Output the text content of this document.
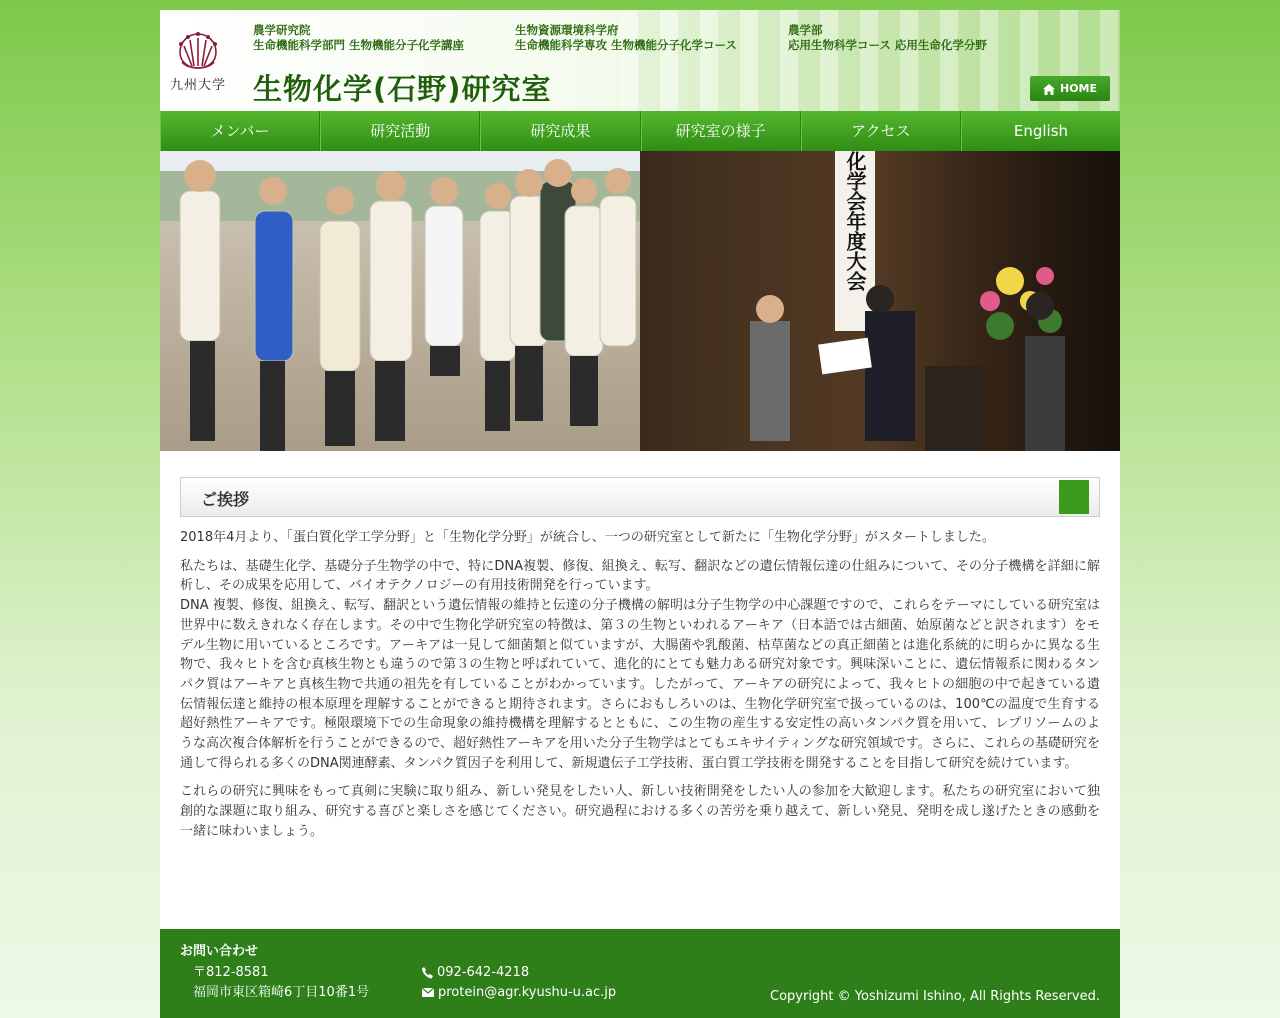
九州大学
農学研究院
生命機能科学部門 生物機能分子化学講座
生物資源環境科学府
生命機能科学専攻 生物機能分子化学コース
農学部
応用生物科学コース 応用生命化学分野
生物化学(石野)研究室	HOME
メンバー	研究活動	研究成果	研究室の様子	アクセス	English
化学会
年度大会
ご挨拶

2018年4月より、「蛋白質化学工学分野」と「生物化学分野」が統合し、一つの研究室として新たに「生物化学分野」がスタートしました。

私たちは、基礎生化学、基礎分子生物学の中で、特にDNA複製、修復、組換え、転写、翻訳などの遺伝情報伝達の仕組みについて、その分子機構を詳細に解析し、その成果を応用して、バイオテクノロジーの有用技術開発を行っています。

DNA 複製、修復、組換え、転写、翻訳という遺伝情報の維持と伝達の分子機構の解明は分子生物学の中心課題ですので、これらをテーマにしている研究室は世界中に数えきれなく存在します。その中で生物化学研究室の特徴は、第３の生物といわれるアーキア（日本語では古細菌、始原菌などと訳されます）をモデル生物に用いているところです。アーキアは一見して細菌類と似ていますが、大腸菌や乳酸菌、枯草菌などの真正細菌とは進化系統的に明らかに異なる生物で、我々ヒトを含む真核生物とも違うので第３の生物と呼ばれていて、進化的にとても魅力ある研究対象です。興味深いことに、遺伝情報系に関わるタンパク質はアーキアと真核生物で共通の祖先を有していることがわかっています。したがって、アーキアの研究によって、我々ヒトの細胞の中で起きている遺伝情報伝達と維持の根本原理を理解することができると期待されます。さらにおもしろいのは、生物化学研究室で扱っているのは、100℃の温度で生育する超好熱性アーキアです。極限環境下での生命現象の維持機構を理解するとともに、この生物の産生する安定性の高いタンパク質を用いて、レプリソームのような高次複合体解析を行うことができるので、超好熱性アーキアを用いた分子生物学はとてもエキサイティングな研究領域です。さらに、これらの基礎研究を通して得られる多くのDNA関連酵素、タンパク質因子を利用して、新規遺伝子工学技術、蛋白質工学技術を開発することを目指して研究を続けています。

これらの研究に興味をもって真剣に実験に取り組み、新しい発見をしたい人、新しい技術開発をしたい人の参加を大歓迎します。私たちの研究室において独創的な課題に取り組み、研究する喜びと楽しさを感じてください。研究過程における多くの苦労を乗り越えて、新しい発見、発明を成し遂げたときの感動を一緒に味わいましょう。

お問い合わせ
〒812-8581
福岡市東区箱崎6丁目10番1号
092-642-4218
protein@agr.kyushu-u.ac.jp	Copyright © Yoshizumi Ishino, All Rights Reserved.
